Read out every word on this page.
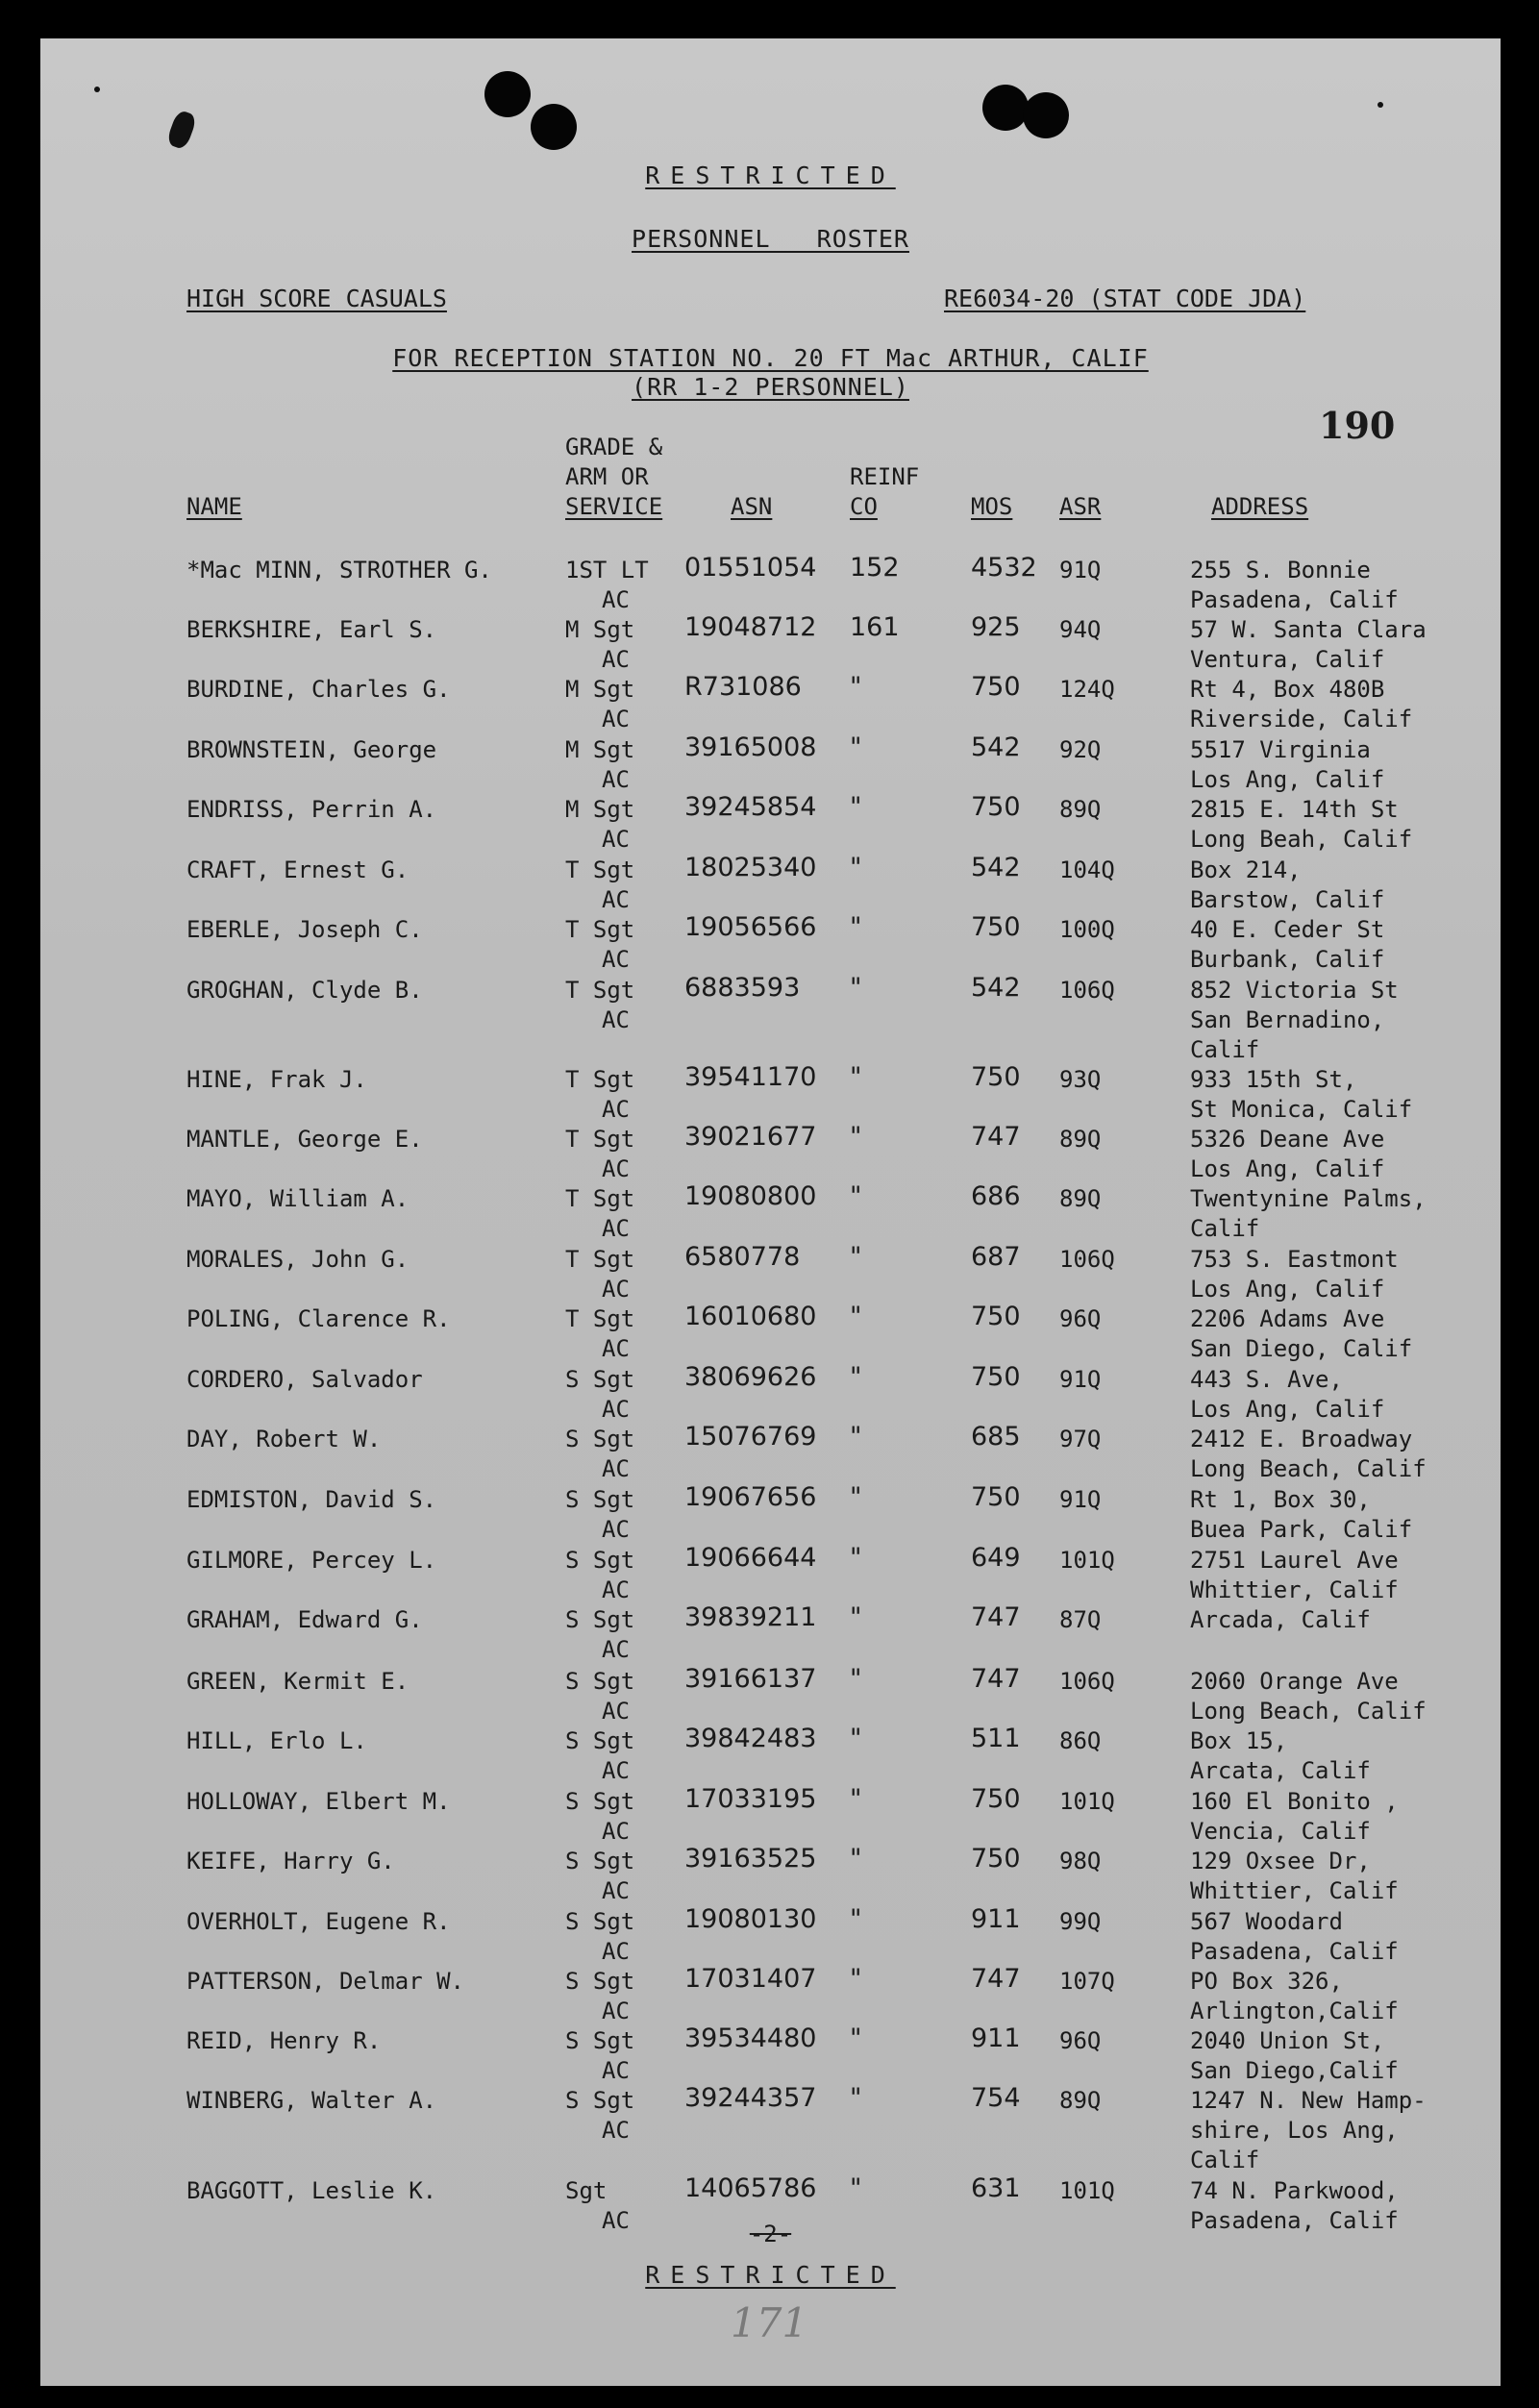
RESTRICTED
PERSONNEL   ROSTER
HIGH SCORE CASUALS	RE6034-20 (STAT CODE JDA)
FOR RECEPTION STATION NO. 20 FT Mac ARTHUR, CALIF
(RR 1-2 PERSONNEL)
190
NAME
GRADE &
ARM OR
SERVICE	ASN
REINF
CO	MOS ASR	ADDRESS
*Mac MINN, STROTHER G.	1ST LT 01551054 152	4532 91Q
AC
255 S. Bonnie
Pasadena, Calif
BERKSHIRE, Earl S.	M Sgt 19048712 161	925 94Q
AC
57 W. Santa Clara
Ventura, Calif
BURDINE, Charles G.	M Sgt R731086 "	750 124Q
AC
Rt 4, Box 480B
Riverside, Calif
BROWNSTEIN, George	M Sgt 39165008 "	542 92Q
AC
5517 Virginia
Los Ang, Calif
ENDRISS, Perrin A.	M Sgt 39245854 "	750 89Q
AC
2815 E. 14th St
Long Beah, Calif
CRAFT, Ernest G.	T Sgt 18025340 "	542 104Q
AC
Box 214,
Barstow, Calif
EBERLE, Joseph C.	T Sgt 19056566 "	750 100Q
AC
40 E. Ceder St
Burbank, Calif
GROGHAN, Clyde B.	T Sgt 6883593 "	542 106Q
AC
852 Victoria St
San Bernadino,
Calif
HINE, Frak J.	T Sgt 39541170 "	750 93Q
AC
933 15th St,
St Monica, Calif
MANTLE, George E.	T Sgt 39021677 "	747 89Q
AC
5326 Deane Ave
Los Ang, Calif
MAYO, William A.	T Sgt 19080800 "	686 89Q
AC
Twentynine Palms,
Calif
MORALES, John G.	T Sgt 6580778 "	687 106Q
AC
753 S. Eastmont
Los Ang, Calif
POLING, Clarence R.	T Sgt 16010680 "	750 96Q
AC
2206 Adams Ave
San Diego, Calif
CORDERO, Salvador	S Sgt 38069626 "	750 91Q
AC
443 S. Ave,
Los Ang, Calif
DAY, Robert W.	S Sgt 15076769 "	685 97Q
AC
2412 E. Broadway
Long Beach, Calif
EDMISTON, David S.	S Sgt 19067656 "	750 91Q
AC
Rt 1, Box 30,
Buea Park, Calif
GILMORE, Percey L.	S Sgt 19066644 "	649 101Q
AC
2751 Laurel Ave
Whittier, Calif
GRAHAM, Edward G.	S Sgt 39839211 "	747 87Q
AC
Arcada, Calif
GREEN, Kermit E.	S Sgt 39166137 "	747 106Q
AC
2060 Orange Ave
Long Beach, Calif
HILL, Erlo L.	S Sgt 39842483 "	511 86Q
AC
Box 15,
Arcata, Calif
HOLLOWAY, Elbert M.	S Sgt 17033195 "	750 101Q
AC
160 El Bonito ,
Vencia, Calif
KEIFE, Harry G.	S Sgt 39163525 "	750 98Q
AC
129 Oxsee Dr,
Whittier, Calif
OVERHOLT, Eugene R.	S Sgt 19080130 "	911 99Q
AC
567 Woodard
Pasadena, Calif
PATTERSON, Delmar W.	S Sgt 17031407 "	747 107Q
AC
PO Box 326,
Arlington,Calif
REID, Henry R.	S Sgt 39534480 "	911 96Q
AC
2040 Union St,
San Diego,Calif
WINBERG, Walter A.	S Sgt 39244357 "	754 89Q
AC
1247 N. New Hamp-
shire, Los Ang,
Calif
BAGGOTT, Leslie K.	Sgt	14065786 "	631 101Q
AC
74 N. Parkwood,
Pasadena, Calif
-2-
RESTRICTED
171
